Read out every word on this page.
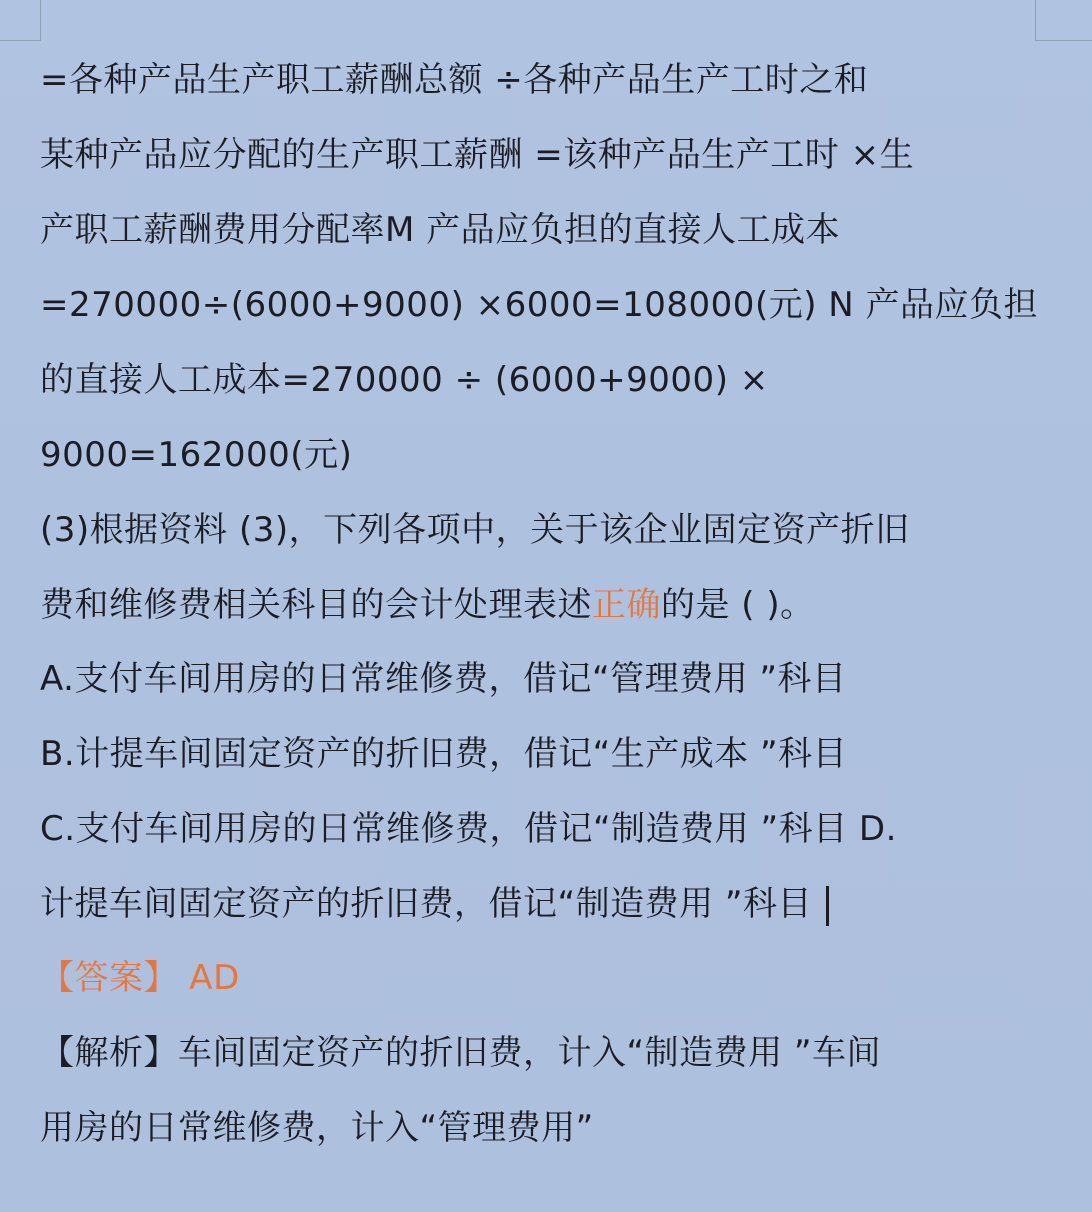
=各种产品生产职工薪酬总额 ÷各种产品生产工时之和
某种产品应分配的生产职工薪酬 =该种产品生产工时 ×生
产职工薪酬费用分配率M 产品应负担的直接人工成本
=270000÷(6000+9000) ×6000=108000(元) N 产品应负担
的直接人工成本=270000 ÷ (6000+9000) ×
9000=162000(元)
(3)根据资料 (3)，下列各项中，关于该企业固定资产折旧
费和维修费相关科目的会计处理表述正确的是 ( )。
A.支付车间用房的日常维修费，借记“管理费用 ”科目
B.计提车间固定资产的折旧费，借记“生产成本 ”科目
C.支付车间用房的日常维修费，借记“制造费用 ”科目 D.
计提车间固定资产的折旧费，借记“制造费用 ”科目
【答案】 AD
【解析】车间固定资产的折旧费，计入“制造费用 ”车间
用房的日常维修费，计入“管理费用”
